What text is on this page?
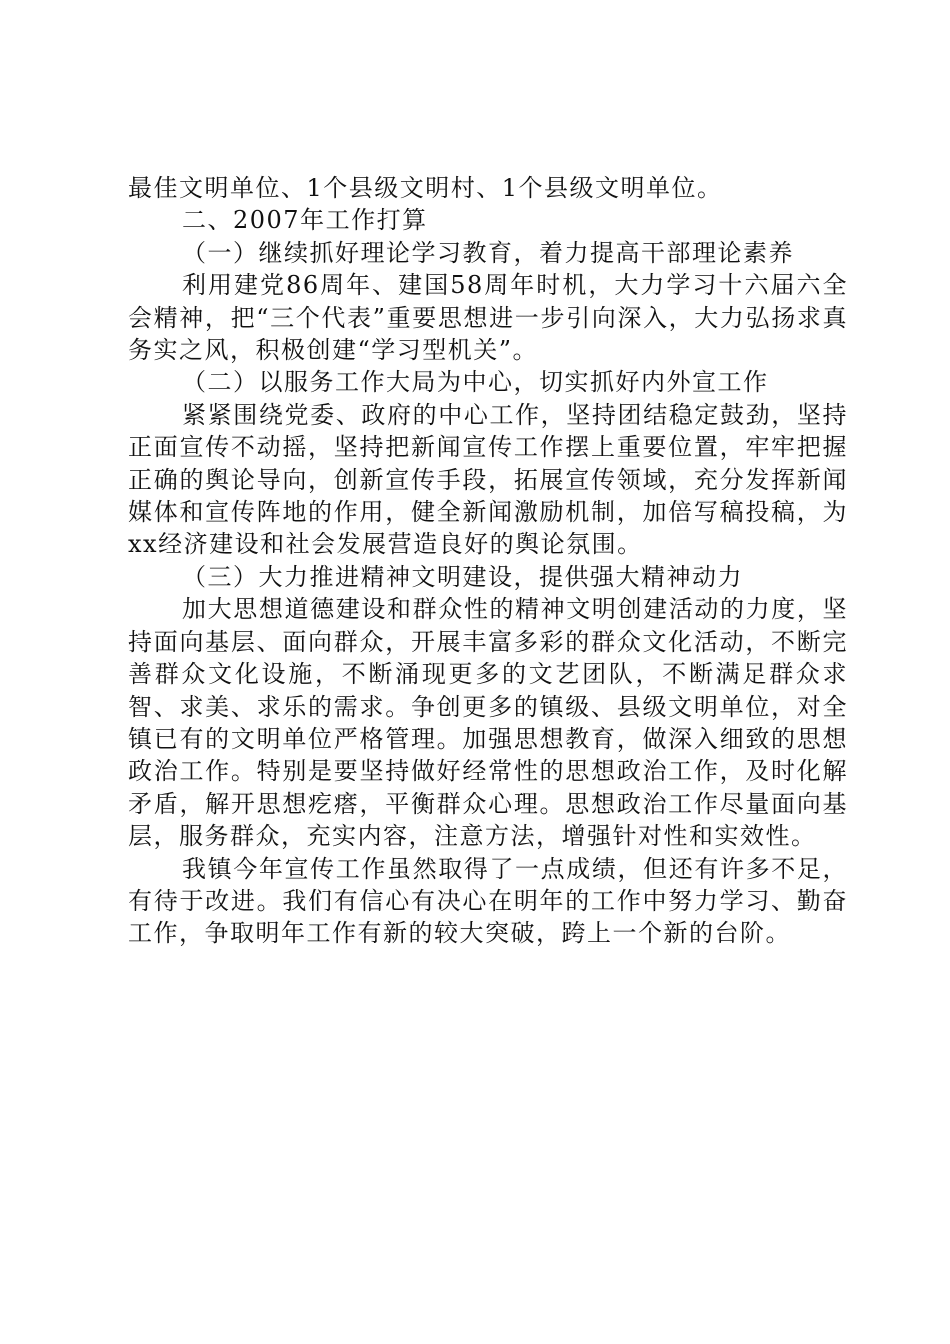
最佳文明单位、1个县级文明村、1个县级文明单位。

二、2007年工作打算

（一）继续抓好理论学习教育，着力提高干部理论素养

利用建党86周年、建国58周年时机，大力学习十六届六全会精神，把“三个代表”重要思想进一步引向深入，大力弘扬求真务实之风，积极创建“学习型机关”。

（二）以服务工作大局为中心，切实抓好内外宣工作

紧紧围绕党委、政府的中心工作，坚持团结稳定鼓劲，坚持正面宣传不动摇，坚持把新闻宣传工作摆上重要位置，牢牢把握正确的舆论导向，创新宣传手段，拓展宣传领域，充分发挥新闻媒体和宣传阵地的作用，健全新闻激励机制，加倍写稿投稿，为xx经济建设和社会发展营造良好的舆论氛围。

（三）大力推进精神文明建设，提供强大精神动力

加大思想道德建设和群众性的精神文明创建活动的力度，坚持面向基层、面向群众，开展丰富多彩的群众文化活动，不断完善群众文化设施，不断涌现更多的文艺团队，不断满足群众求智、求美、求乐的需求。争创更多的镇级、县级文明单位，对全镇已有的文明单位严格管理。加强思想教育，做深入细致的思想政治工作。特别是要坚持做好经常性的思想政治工作，及时化解矛盾，解开思想疙瘩，平衡群众心理。思想政治工作尽量面向基层，服务群众，充实内容，注意方法，增强针对性和实效性。

我镇今年宣传工作虽然取得了一点成绩，但还有许多不足，有待于改进。我们有信心有决心在明年的工作中努力学习、勤奋工作，争取明年工作有新的较大突破，跨上一个新的台阶。
